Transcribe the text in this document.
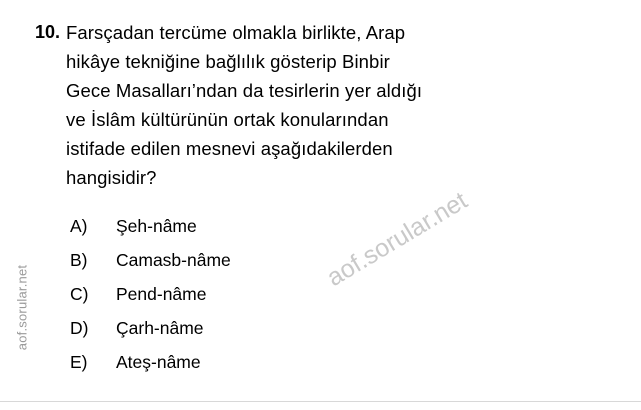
aof.sorular.net
10. Farsçadan tercüme olmakla birlikte, Arap
hikâye tekniğine bağlılık gösterip Binbir
Gece Masalları’ndan da tesirlerin yer aldığı
ve İslâm kültürünün ortak konularından
istifade edilen mesnevi aşağıdakilerden
hangisidir?
A)	Şeh-nâme
B)	Camasb-nâme
C)	Pend-nâme
D)	Çarh-nâme
E)	Ateş-nâme
aof.sorular.net
